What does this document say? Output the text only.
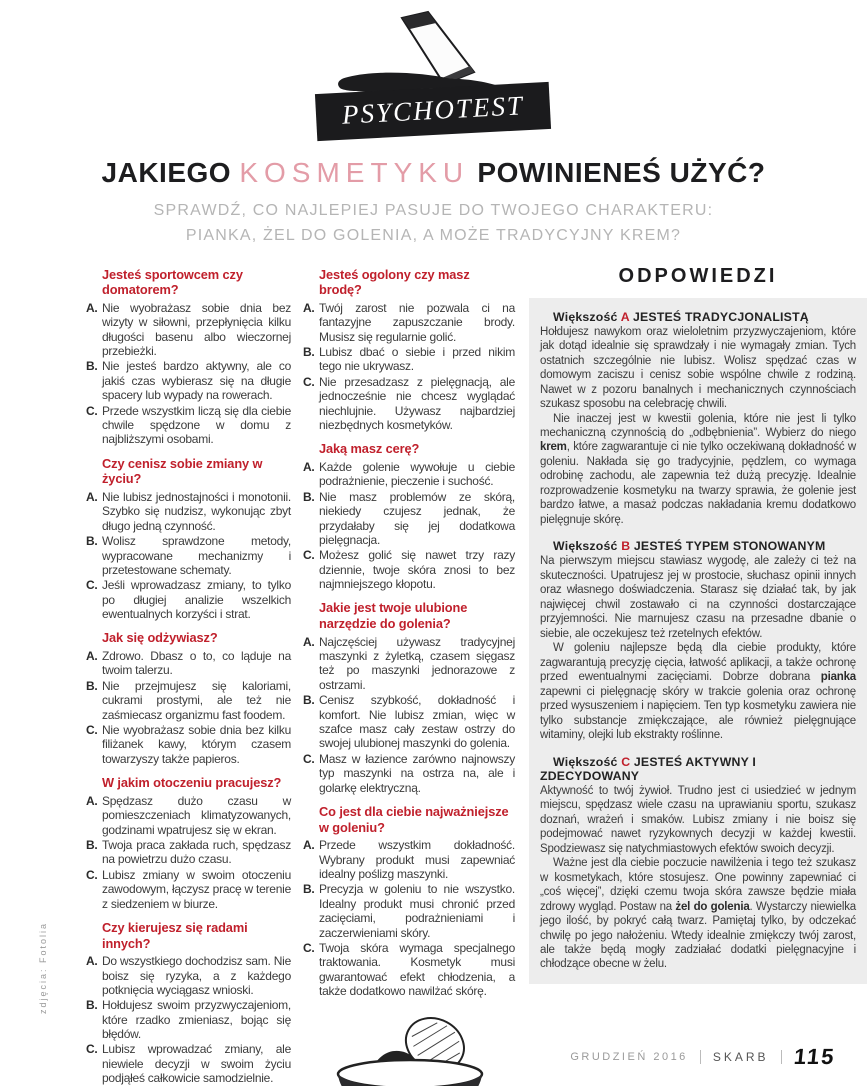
PSYCHOTEST
JAKIEGO KOSMETYKU POWINIENEŚ UŻYĆ?
SPRAWDŹ, CO NAJLEPIEJ PASUJE DO TWOJEGO CHARAKTERU:
PIANKA, ŻEL DO GOLENIA, A MOŻE TRADYCYJNY KREM?
Jesteś sportowcem czy domatorem?
A. Nie wyobrażasz sobie dnia bez wizyty w siłowni, przepłynięcia kilku długości basenu albo wieczornej przebieżki.
B. Nie jesteś bardzo aktywny, ale co jakiś czas wybierasz się na długie spacery lub wypady na rowerach.
C. Przede wszystkim liczą się dla ciebie chwile spędzone w domu z najbliższymi osobami.
Czy cenisz sobie zmiany w życiu?
A. Nie lubisz jednostajności i monotonii. Szybko się nudzisz, wykonując zbyt długo jedną czynność.
B. Wolisz sprawdzone metody, wypracowane mechanizmy i przetestowane schematy.
C. Jeśli wprowadzasz zmiany, to tylko po długiej analizie wszelkich ewentualnych korzyści i strat.
Jak się odżywiasz?
A. Zdrowo. Dbasz o to, co ląduje na twoim talerzu.
B. Nie przejmujesz się kaloriami, cukrami prostymi, ale też nie zaśmiecasz organizmu fast foodem.
C. Nie wyobrażasz sobie dnia bez kilku filiżanek kawy, którym czasem towarzyszy także papieros.
W jakim otoczeniu pracujesz?
A. Spędzasz dużo czasu w pomieszczeniach klimatyzowanych, godzinami wpatrujesz się w ekran.
B. Twoja praca zakłada ruch, spędzasz na powietrzu dużo czasu.
C. Lubisz zmiany w swoim otoczeniu zawodowym, łączysz pracę w terenie z siedzeniem w biurze.
Czy kierujesz się radami innych?
A. Do wszystkiego dochodzisz sam. Nie boisz się ryzyka, a z każdego potknięcia wyciągasz wnioski.
B. Hołdujesz swoim przyzwyczajeniom, które rzadko zmieniasz, bojąc się błędów.
C. Lubisz wprowadzać zmiany, ale niewiele decyzji w swoim życiu podjąłeś całkowicie samodzielnie.
Jesteś ogolony czy masz brodę?
A. Twój zarost nie pozwala ci na fantazyjne zapuszczanie brody. Musisz się regularnie golić.
B. Lubisz dbać o siebie i przed nikim tego nie ukrywasz.
C. Nie przesadzasz z pielęgnacją, ale jednocześnie nie chcesz wyglądać niechlujnie. Używasz najbardziej niezbędnych kosmetyków.
Jaką masz cerę?
A. Każde golenie wywołuje u ciebie podrażnienie, pieczenie i suchość.
B. Nie masz problemów ze skórą, niekiedy czujesz jednak, że przydałaby się jej dodatkowa pielęgnacja.
C. Możesz golić się nawet trzy razy dziennie, twoje skóra znosi to bez najmniejszego kłopotu.
Jakie jest twoje ulubione narzędzie do golenia?
A. Najczęściej używasz tradycyjnej maszynki z żyletką, czasem sięgasz też po maszynki jednorazowe z ostrzami.
B. Cenisz szybkość, dokładność i komfort. Nie lubisz zmian, więc w szafce masz cały zestaw ostrzy do swojej ulubionej maszynki do golenia.
C. Masz w łazience zarówno najnowszy typ maszynki na ostrza na, ale i golarkę elektryczną.
Co jest dla ciebie najważniejsze w goleniu?
A. Przede wszystkim dokładność. Wybrany produkt musi zapewniać idealny poślizg maszynki.
B. Precyzja w goleniu to nie wszystko. Idealny produkt musi chronić przed zacięciami, podrażnieniami i zaczerwieniami skóry.
C. Twoja skóra wymaga specjalnego traktowania. Kosmetyk musi gwarantować efekt chłodzenia, a także dodatkowo nawilżać skórę.
ODPOWIEDZI
Większość A JESTEŚ TRADYCJONALISTĄ

Hołdujesz nawykom oraz wieloletnim przyzwyczajeniom, które jak dotąd idealnie się sprawdzały i nie wymagały zmian. Tych ostatnich szczególnie nie lubisz. Wolisz spędzać czas w domowym zaciszu i cenisz sobie wspólne chwile z rodziną. Nawet w z pozoru banalnych i mechanicznych czynnościach szukasz sposobu na celebrację chwili.

Nie inaczej jest w kwestii golenia, które nie jest li tylko mechaniczną czynnością do „odbębnienia”. Wybierz do niego krem, które zagwarantuje ci nie tylko oczekiwaną dokładność w goleniu. Nakłada się go tradycyjnie, pędzlem, co wymaga odrobinę zachodu, ale zapewnia też dużą precyzję. Idealnie rozprowadzenie kosmetyku na twarzy sprawia, że golenie jest bardzo łatwe, a masaż podczas nakładania kremu dodatkowo pielęgnuje skórę.

Większość B JESTEŚ TYPEM STONOWANYM

Na pierwszym miejscu stawiasz wygodę, ale zależy ci też na skuteczności. Upatrujesz jej w prostocie, słuchasz opinii innych oraz własnego doświadczenia. Starasz się działać tak, by jak najwięcej chwil zostawało ci na czynności dostarczające przyjemności. Nie marnujesz czasu na przesadne dbanie o siebie, ale oczekujesz też rzetelnych efektów.

W goleniu najlepsze będą dla ciebie produkty, które zagwarantują precyzję cięcia, łatwość aplikacji, a także ochronę przed ewentualnymi zacięciami. Dobrze dobrana pianka zapewni ci pielęgnację skóry w trakcie golenia oraz ochronę przed wysuszeniem i napięciem. Ten typ kosmetyku zawiera nie tylko substancje zmiękczające, ale również pielęgnujące witaminy, olejki lub ekstrakty roślinne.

Większość C JESTEŚ AKTYWNY I ZDECYDOWANY

Aktywność to twój żywioł. Trudno jest ci usiedzieć w jednym miejscu, spędzasz wiele czasu na uprawianiu sportu, szukasz doznań, wrażeń i smaków. Lubisz zmiany i nie boisz się podejmować nawet ryzykownych decyzji w każdej kwestii. Spodziewasz się natychmiastowych efektów swoich decyzji.

Ważne jest dla ciebie poczucie nawilżenia i tego też szukasz w kosmetykach, które stosujesz. One powinny zapewniać ci „coś więcej”, dzięki czemu twoja skóra zawsze będzie miała zdrowy wygląd. Postaw na żel do golenia. Wystarczy niewielka jego ilość, by pokryć całą twarz. Pamiętaj tylko, by odczekać chwilę po jego nałożeniu. Wtedy idealnie zmiękczy twój zarost, ale także będą mogły zadziałać dodatki pielęgnacyjne i chłodzące obecne w żelu.

zdjęcia: Fotolia
GRUDZIEŃ 2016 SKARB 115
